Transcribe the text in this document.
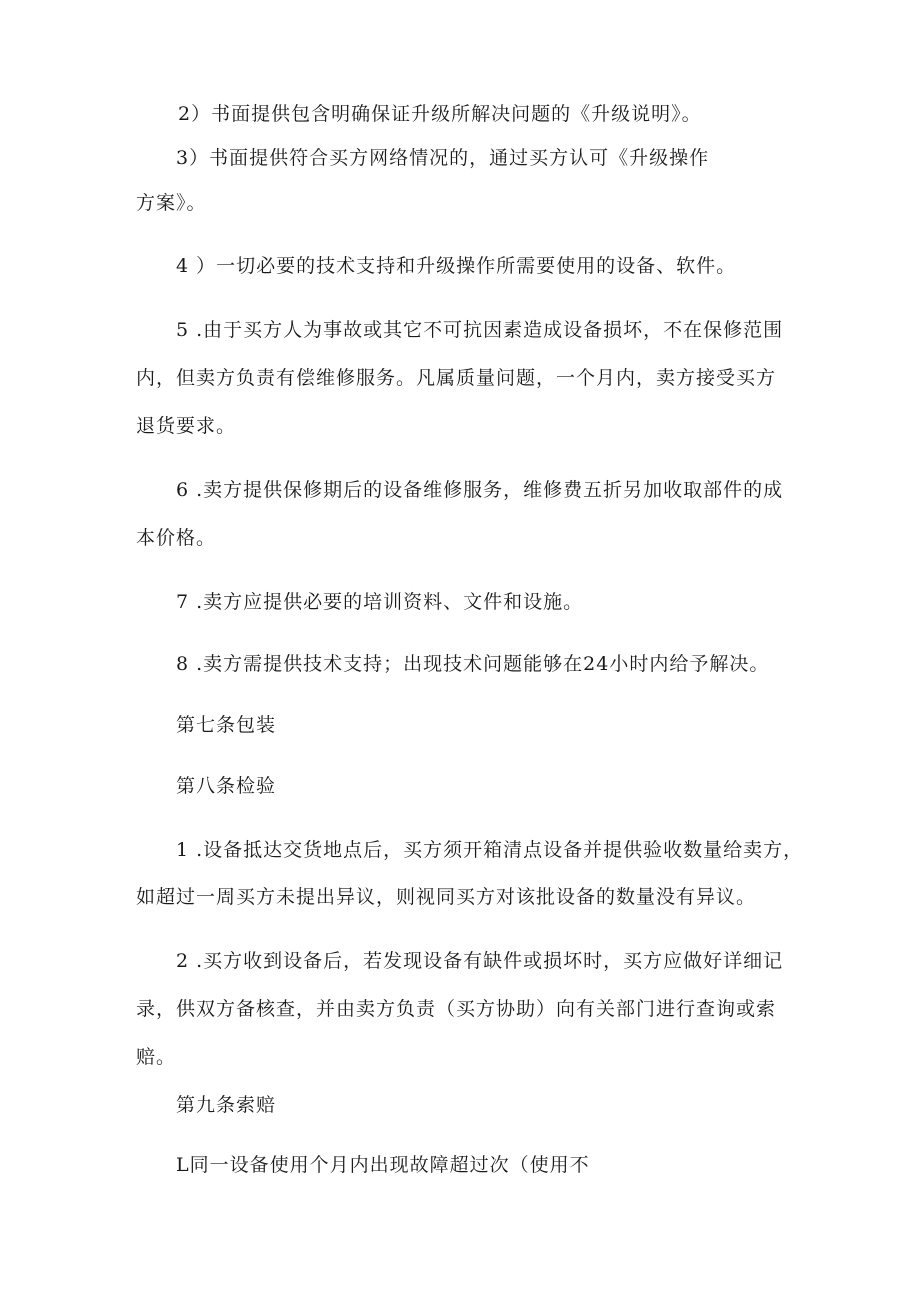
2）书面提供包含明确保证升级所解决问题的《升级说明》。
3）书面提供符合买方网络情况的，通过买方认可《升级操作
方案》。
4 ）一切必要的技术支持和升级操作所需要使用的设备、软件。
5 .由于买方人为事故或其它不可抗因素造成设备损坏，不在保修范围
内，但卖方负责有偿维修服务。凡属质量问题，一个月内，卖方接受买方
退货要求。
6 .卖方提供保修期后的设备维修服务，维修费五折另加收取部件的成
本价格。
7 .卖方应提供必要的培训资料、文件和设施。
8 .卖方需提供技术支持；出现技术问题能够在24小时内给予解决。
第七条包装
第八条检验
1 .设备抵达交货地点后，买方须开箱清点设备并提供验收数量给卖方，
如超过一周买方未提出异议，则视同买方对该批设备的数量没有异议。
2 .买方收到设备后，若发现设备有缺件或损坏时，买方应做好详细记
录，供双方备核查，并由卖方负责（买方协助）向有关部门进行查询或索
赔。
第九条索赔
L同一设备使用个月内出现故障超过次（使用不
